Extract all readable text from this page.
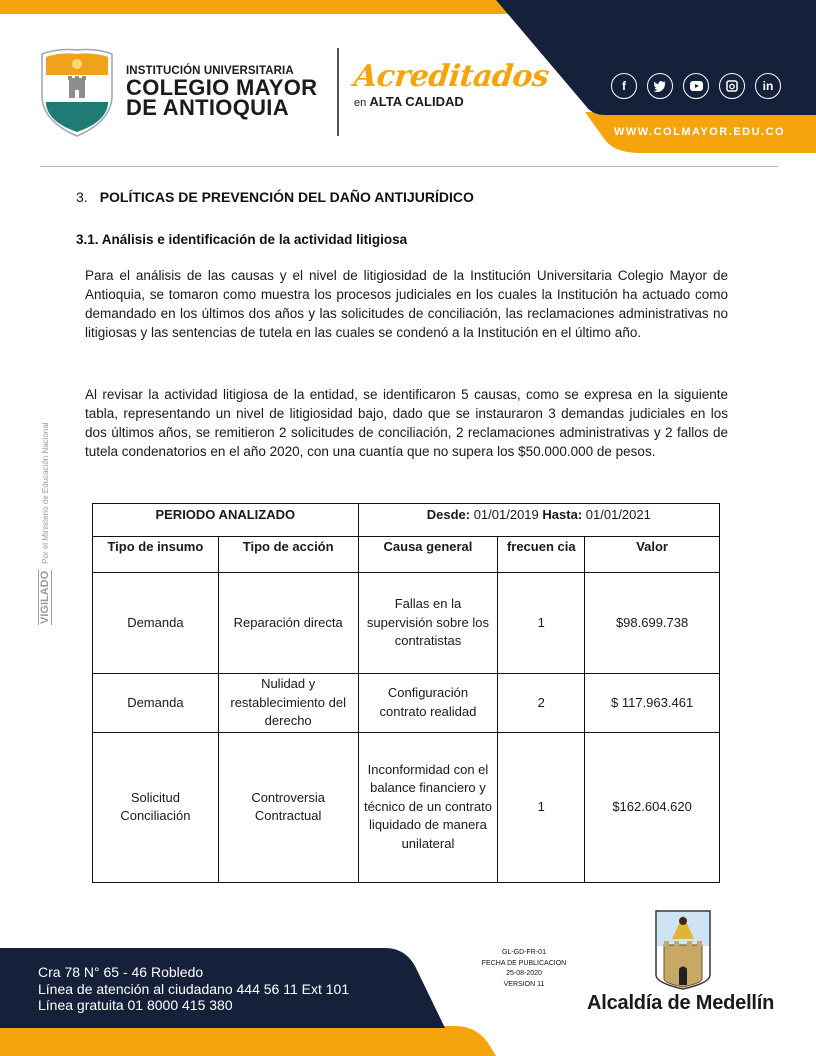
INSTITUCIÓN UNIVERSITARIA
COLEGIO MAYOR
DE ANTIOQUIA
Acreditados
en ALTA CALIDAD
f	in
WWW.COLMAYOR.EDU.CO
VIGILADO
Por el Ministerio de Educación Nacional
3. POLÍTICAS DE PREVENCIÓN DEL DAÑO ANTIJURÍDICO
3.1. Análisis e identificación de la actividad litigiosa

Para el análisis de las causas y el nivel de litigiosidad de la Institución Universitaria Colegio Mayor de Antioquia, se tomaron como muestra los procesos judiciales en los cuales la Institución ha actuado como demandado en los últimos dos años y las solicitudes de conciliación, las reclamaciones administrativas no litigiosas y las sentencias de tutela en las cuales se condenó a la Institución en el último año.

Al revisar la actividad litigiosa de la entidad, se identificaron 5 causas, como se expresa en la siguiente tabla, representando un nivel de litigiosidad bajo, dado que se instauraron 3 demandas judiciales en los dos últimos años, se remitieron 2 solicitudes de conciliación, 2 reclamaciones administrativas y 2 fallos de tutela condenatorios en el año 2020, con una cuantía que no supera los $50.000.000 de pesos.

PERIODO ANALIZADO		Desde: 01/01/2019 Hasta: 01/01/2021		
Tipo de insumo	Tipo de acción	Causa general	frecuen cia	Valor
Demanda	Reparación directa	Fallas en la supervisión sobre los contratistas	1	$98.699.738
Demanda	Nulidad y restablecimiento del derecho	Configuración contrato realidad	2	$ 117.963.461
Solicitud Conciliación	Controversia Contractual	Inconformidad con el balance financiero y técnico de un contrato liquidado de manera unilateral	1	$162.604.620
Cra 78 N° 65 - 46 Robledo
Línea de atención al ciudadano 444 56 11 Ext 101
Línea gratuita 01 8000 415 380
GL-GD-FR-01
FECHA DE PUBLICACION
25-08-2020
VERSION 11
Alcaldía de Medellín
